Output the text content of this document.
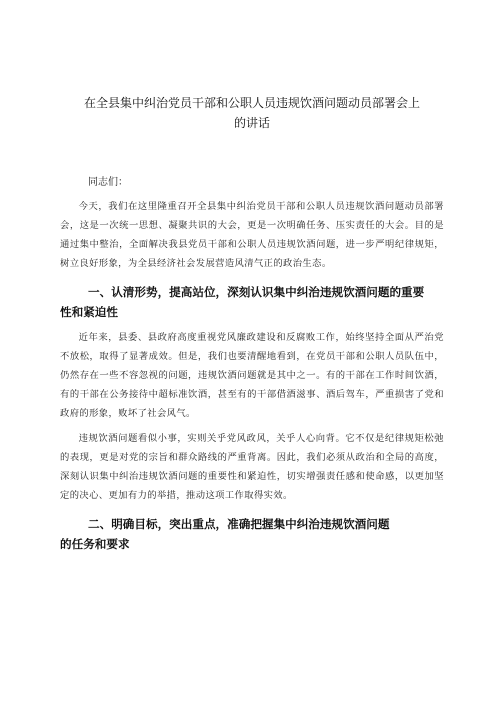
在全县集中纠治党员干部和公职人员违规饮酒问题动员部署会上
的讲话

同志们：

今天，我们在这里隆重召开全县集中纠治党员干部和公职人员违规饮酒问题动员部署会，这是一次统一思想、凝聚共识的大会，更是一次明确任务、压实责任的大会。目的是通过集中整治，全面解决我县党员干部和公职人员违规饮酒问题，进一步严明纪律规矩，树立良好形象，为全县经济社会发展营造风清气正的政治生态。

一、认清形势，提高站位，深刻认识集中纠治违规饮酒问题的重要
性和紧迫性

近年来，县委、县政府高度重视党风廉政建设和反腐败工作，始终坚持全面从严治党不放松，取得了显著成效。但是，我们也要清醒地看到，在党员干部和公职人员队伍中，仍然存在一些不容忽视的问题，违规饮酒问题就是其中之一。有的干部在工作时间饮酒，有的干部在公务接待中超标准饮酒，甚至有的干部借酒滋事、酒后驾车，严重损害了党和政府的形象，败坏了社会风气。

违规饮酒问题看似小事，实则关乎党风政风，关乎人心向背。它不仅是纪律规矩松弛的表现，更是对党的宗旨和群众路线的严重背离。因此，我们必须从政治和全局的高度，深刻认识集中纠治违规饮酒问题的重要性和紧迫性，切实增强责任感和使命感，以更加坚定的决心、更加有力的举措，推动这项工作取得实效。

二、明确目标，突出重点，准确把握集中纠治违规饮酒问题
的任务和要求
